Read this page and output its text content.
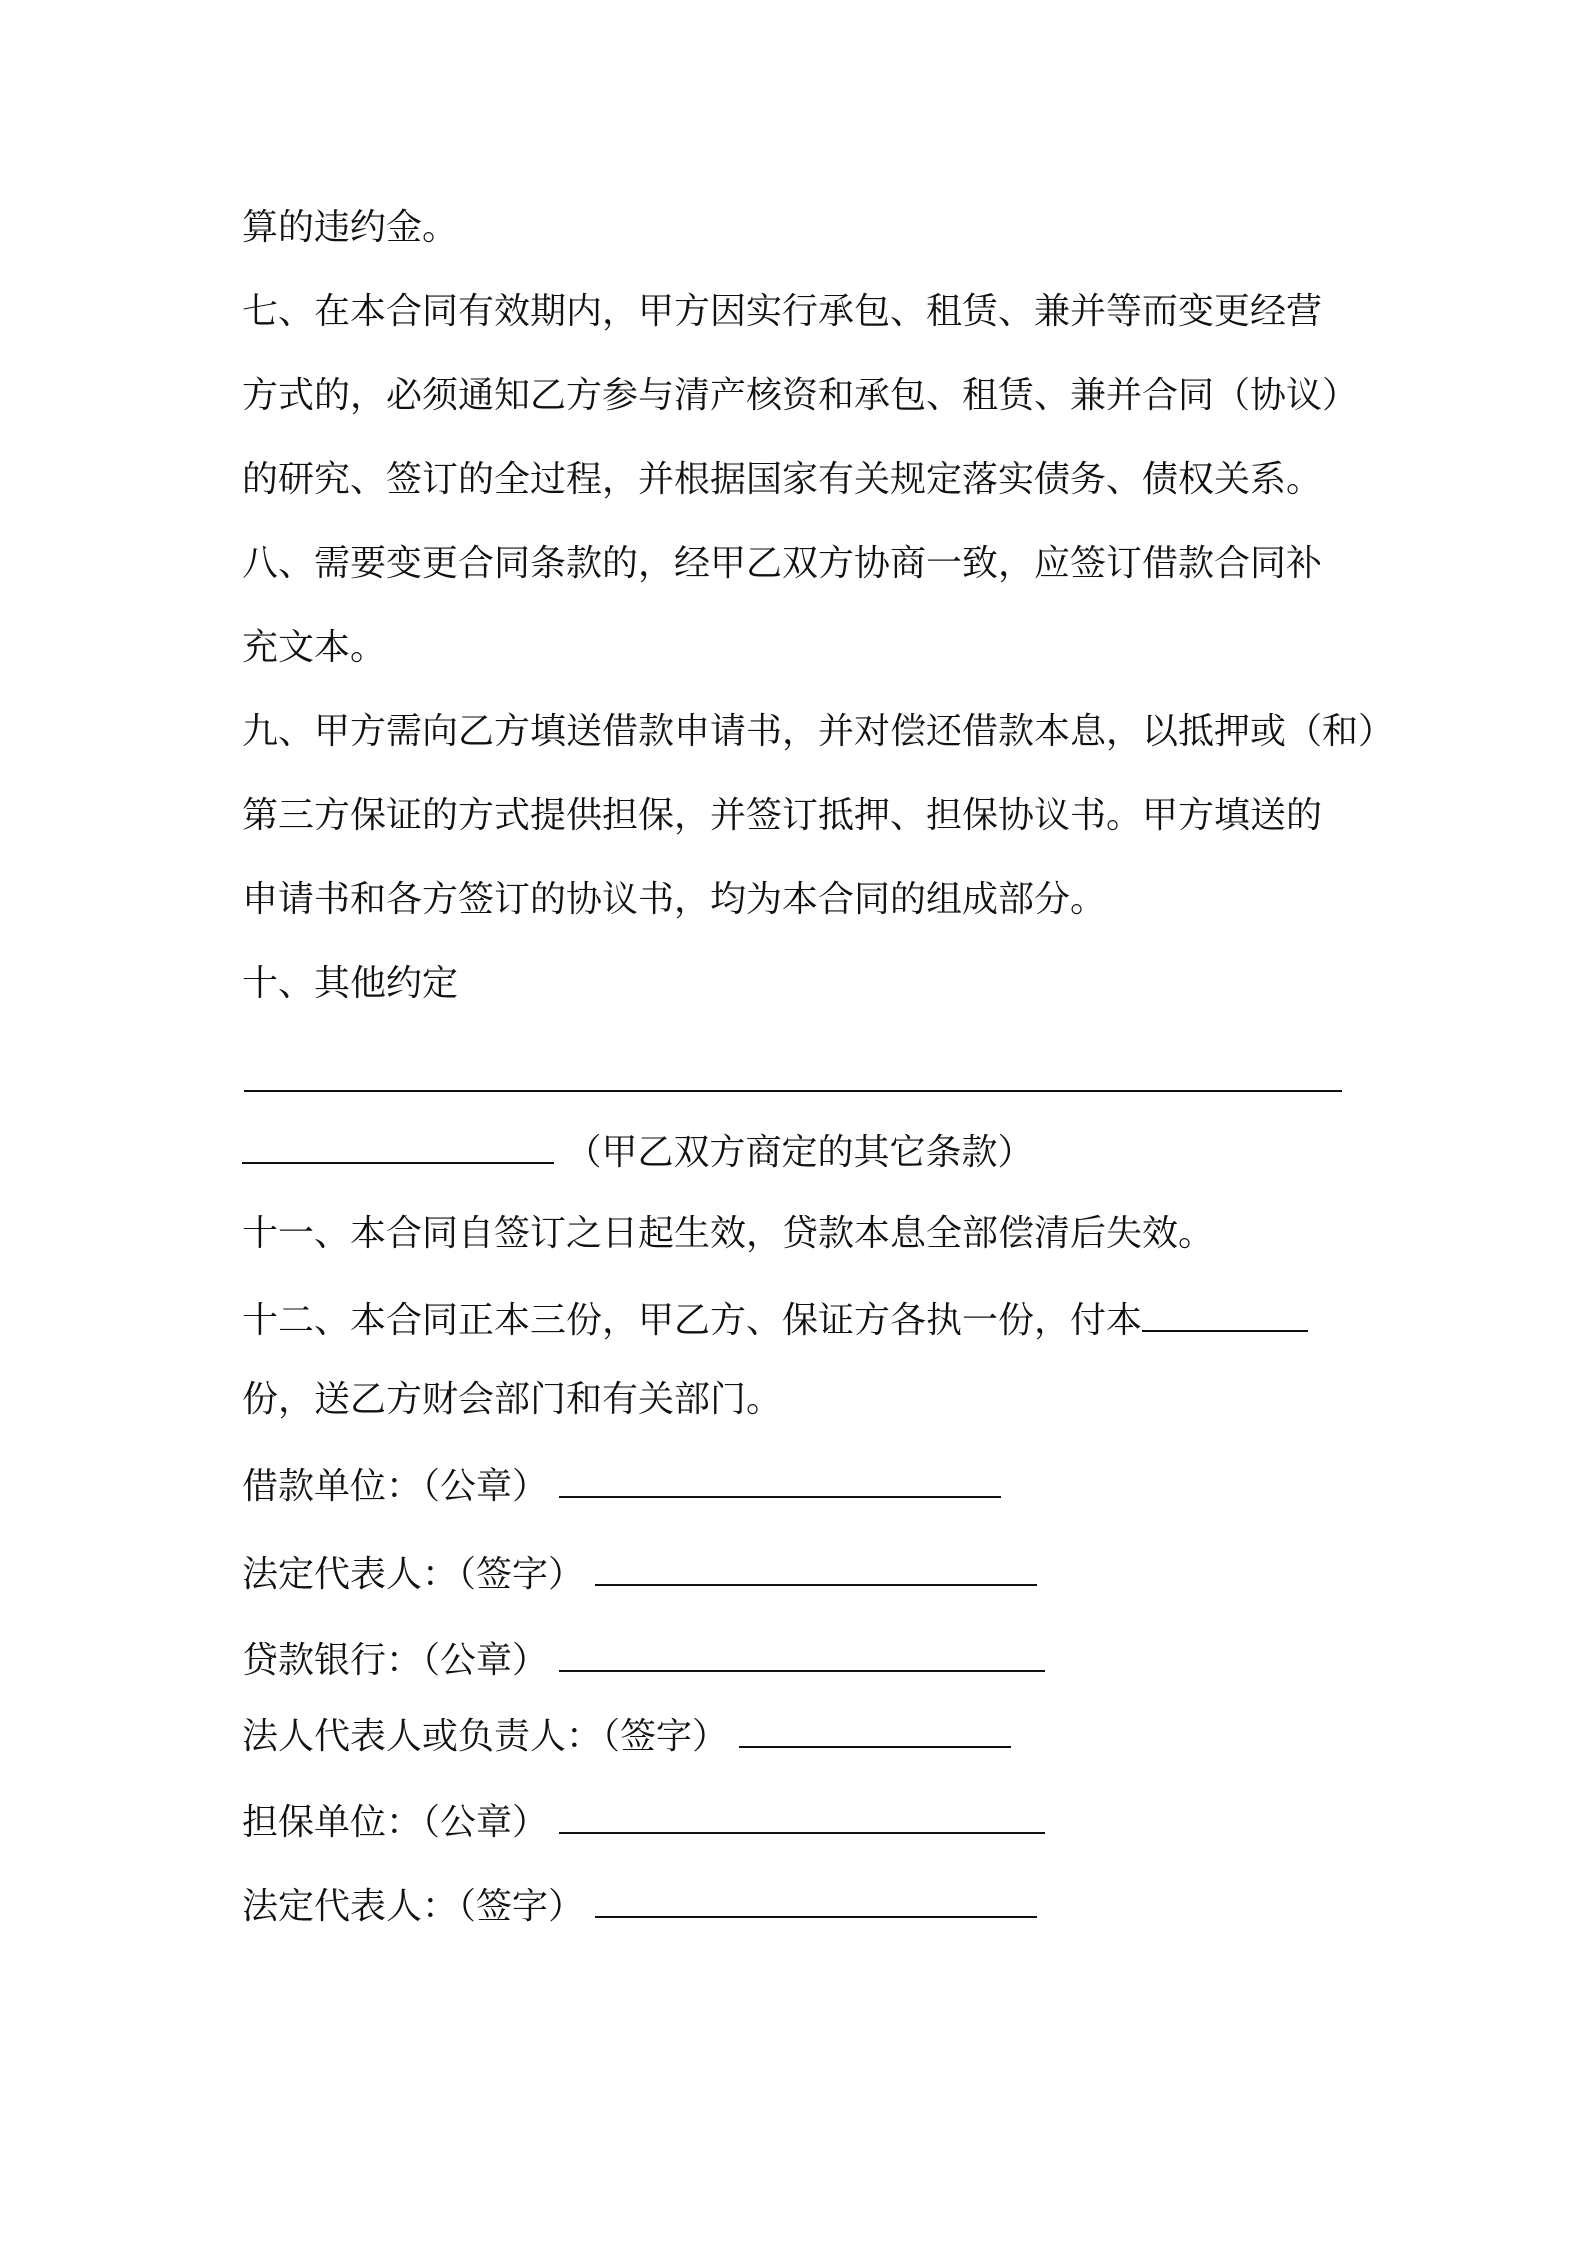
算的违约金。
七、在本合同有效期内，甲方因实行承包、租赁、兼并等而变更经营
方式的，必须通知乙方参与清产核资和承包、租赁、兼并合同（协议）
的研究、签订的全过程，并根据国家有关规定落实债务、债权关系。
八、需要变更合同条款的，经甲乙双方协商一致，应签订借款合同补
充文本。
九、甲方需向乙方填送借款申请书，并对偿还借款本息，以抵押或（和）
第三方保证的方式提供担保，并签订抵押、担保协议书。甲方填送的
申请书和各方签订的协议书，均为本合同的组成部分。
十、其他约定
（甲乙双方商定的其它条款）
十一、本合同自签订之日起生效，贷款本息全部偿清后失效。
十二、本合同正本三份，甲乙方、保证方各执一份，付本
份，送乙方财会部门和有关部门。
借款单位：（公章）
法定代表人：（签字）
贷款银行：（公章）
法人代表人或负责人：（签字）
担保单位：（公章）
法定代表人：（签字）
